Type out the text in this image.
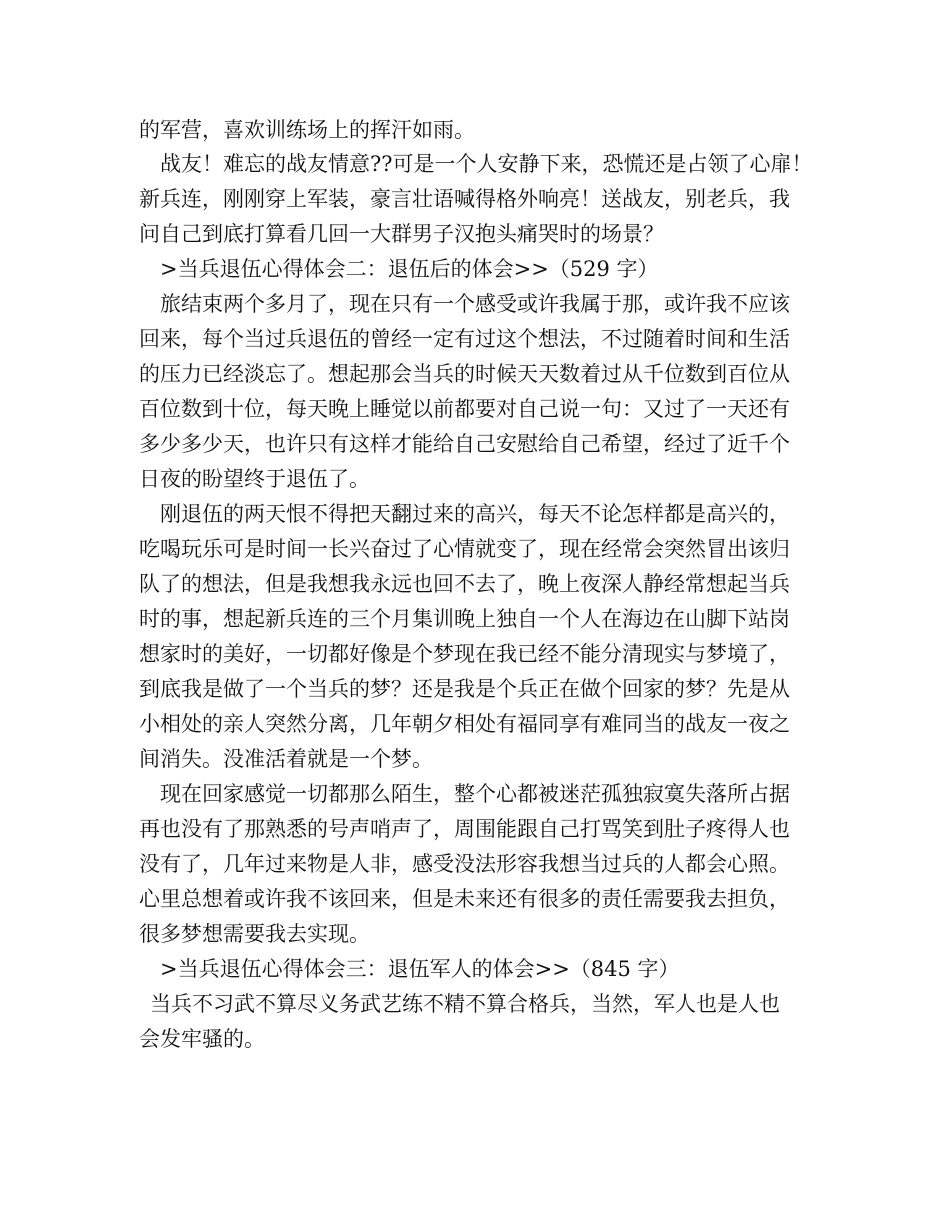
的军营，喜欢训练场上的挥汗如雨。
战友！难忘的战友情意??可是一个人安静下来，恐慌还是占领了心扉！
新兵连，刚刚穿上军装，豪言壮语喊得格外响亮！送战友，别老兵，我
问自己到底打算看几回一大群男子汉抱头痛哭时的场景？
>当兵退伍心得体会二：退伍后的体会>>（529 字）
旅结束两个多月了，现在只有一个感受或许我属于那，或许我不应该
回来，每个当过兵退伍的曾经一定有过这个想法，不过随着时间和生活
的压力已经淡忘了。想起那会当兵的时候天天数着过从千位数到百位从
百位数到十位，每天晚上睡觉以前都要对自己说一句：又过了一天还有
多少多少天，也许只有这样才能给自己安慰给自己希望，经过了近千个
日夜的盼望终于退伍了。
刚退伍的两天恨不得把天翻过来的高兴，每天不论怎样都是高兴的，
吃喝玩乐可是时间一长兴奋过了心情就变了，现在经常会突然冒出该归
队了的想法，但是我想我永远也回不去了，晚上夜深人静经常想起当兵
时的事，想起新兵连的三个月集训晚上独自一个人在海边在山脚下站岗
想家时的美好，一切都好像是个梦现在我已经不能分清现实与梦境了，
到底我是做了一个当兵的梦？还是我是个兵正在做个回家的梦？先是从
小相处的亲人突然分离，几年朝夕相处有福同享有难同当的战友一夜之
间消失。没准活着就是一个梦。
现在回家感觉一切都那么陌生，整个心都被迷茫孤独寂寞失落所占据
再也没有了那熟悉的号声哨声了，周围能跟自己打骂笑到肚子疼得人也
没有了，几年过来物是人非，感受没法形容我想当过兵的人都会心照。
心里总想着或许我不该回来，但是未来还有很多的责任需要我去担负，
很多梦想需要我去实现。
>当兵退伍心得体会三：退伍军人的体会>>（845 字）
当兵不习武不算尽义务武艺练不精不算合格兵，当然，军人也是人也
会发牢骚的。
